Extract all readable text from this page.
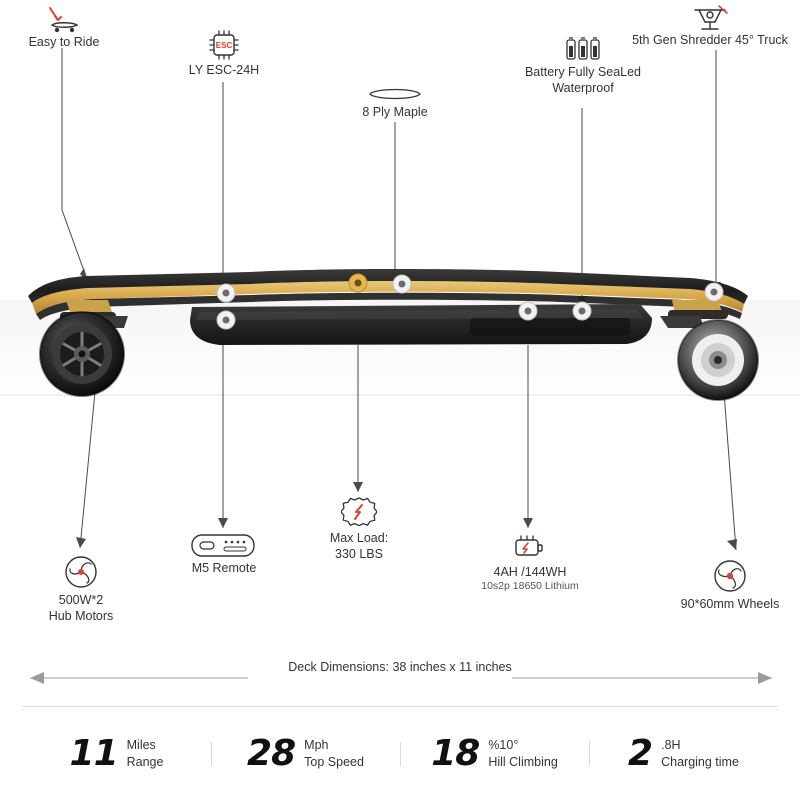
Easy to Ride	ESC
LY ESC-24H
8 Ply Maple
Battery Fully SeaLed
Waterproof
5th Gen Shredder 45° Truck
500W*2
Hub Motors
M5 Remote
Max Load:
330 LBS
4AH /144WH
10s2p 18650 Lithium
90*60mm Wheels
Deck Dimensions: 38 inches x 11 inches
11 Miles
Range 28 Mph
Top Speed 18 %10°
Hill Climbing 2 .8H
Charging time
